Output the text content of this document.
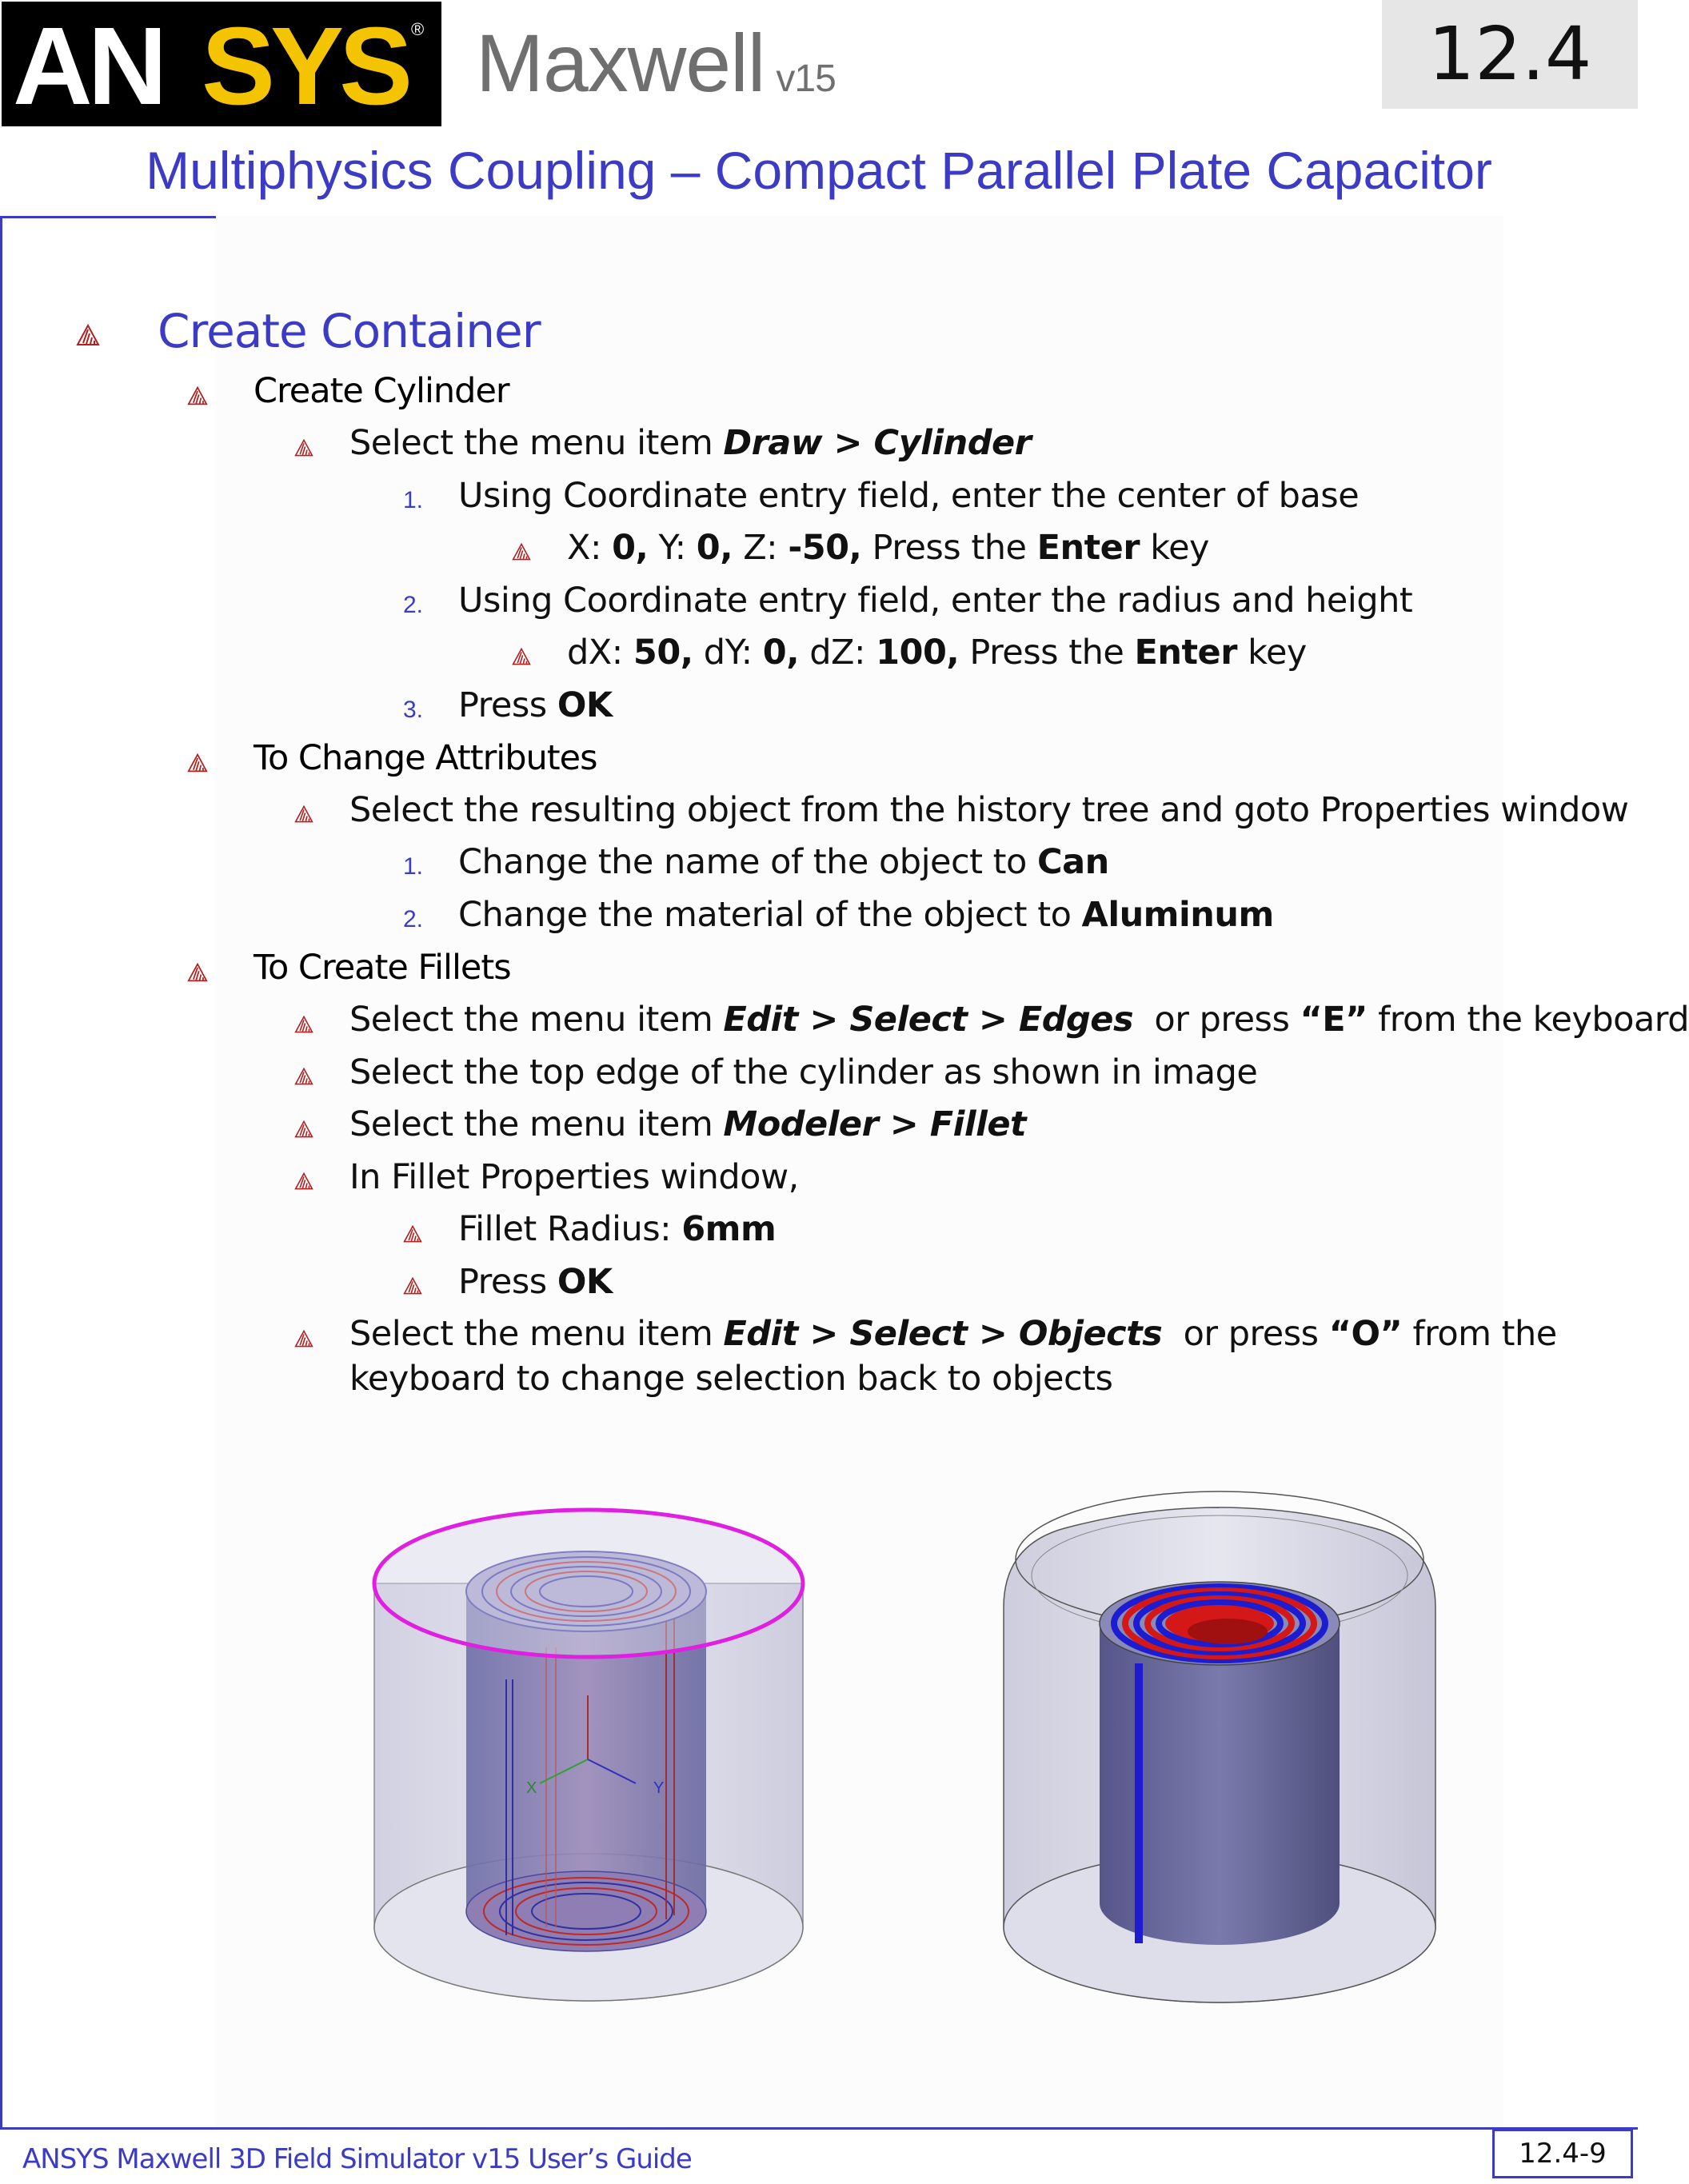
AN SYS ® Maxwell v15	12.4
Multiphysics Coupling – Compact Parallel Plate Capacitor
Create Container
Create Cylinder
Select the menu item Draw > Cylinder
1. Using Coordinate entry field, enter the center of base
X: 0, Y: 0, Z: -50, Press the Enter key
2. Using Coordinate entry field, enter the radius and height
dX: 50, dY: 0, dZ: 100, Press the Enter key
3. Press OK
To Change Attributes
Select the resulting object from the history tree and goto Properties window
1. Change the name of the object to Can
2. Change the material of the object to Aluminum
To Create Fillets
Select the menu item Edit > Select > Edges  or press “E” from the keyboard
Select the top edge of the cylinder as shown in image
Select the menu item Modeler > Fillet
In Fillet Properties window,
Fillet Radius: 6mm
Press OK
Select the menu item Edit > Select > Objects  or press “O” from the
keyboard to change selection back to objects
X	Y
ANSYS Maxwell 3D Field Simulator v15 User’s Guide	12.4-9
